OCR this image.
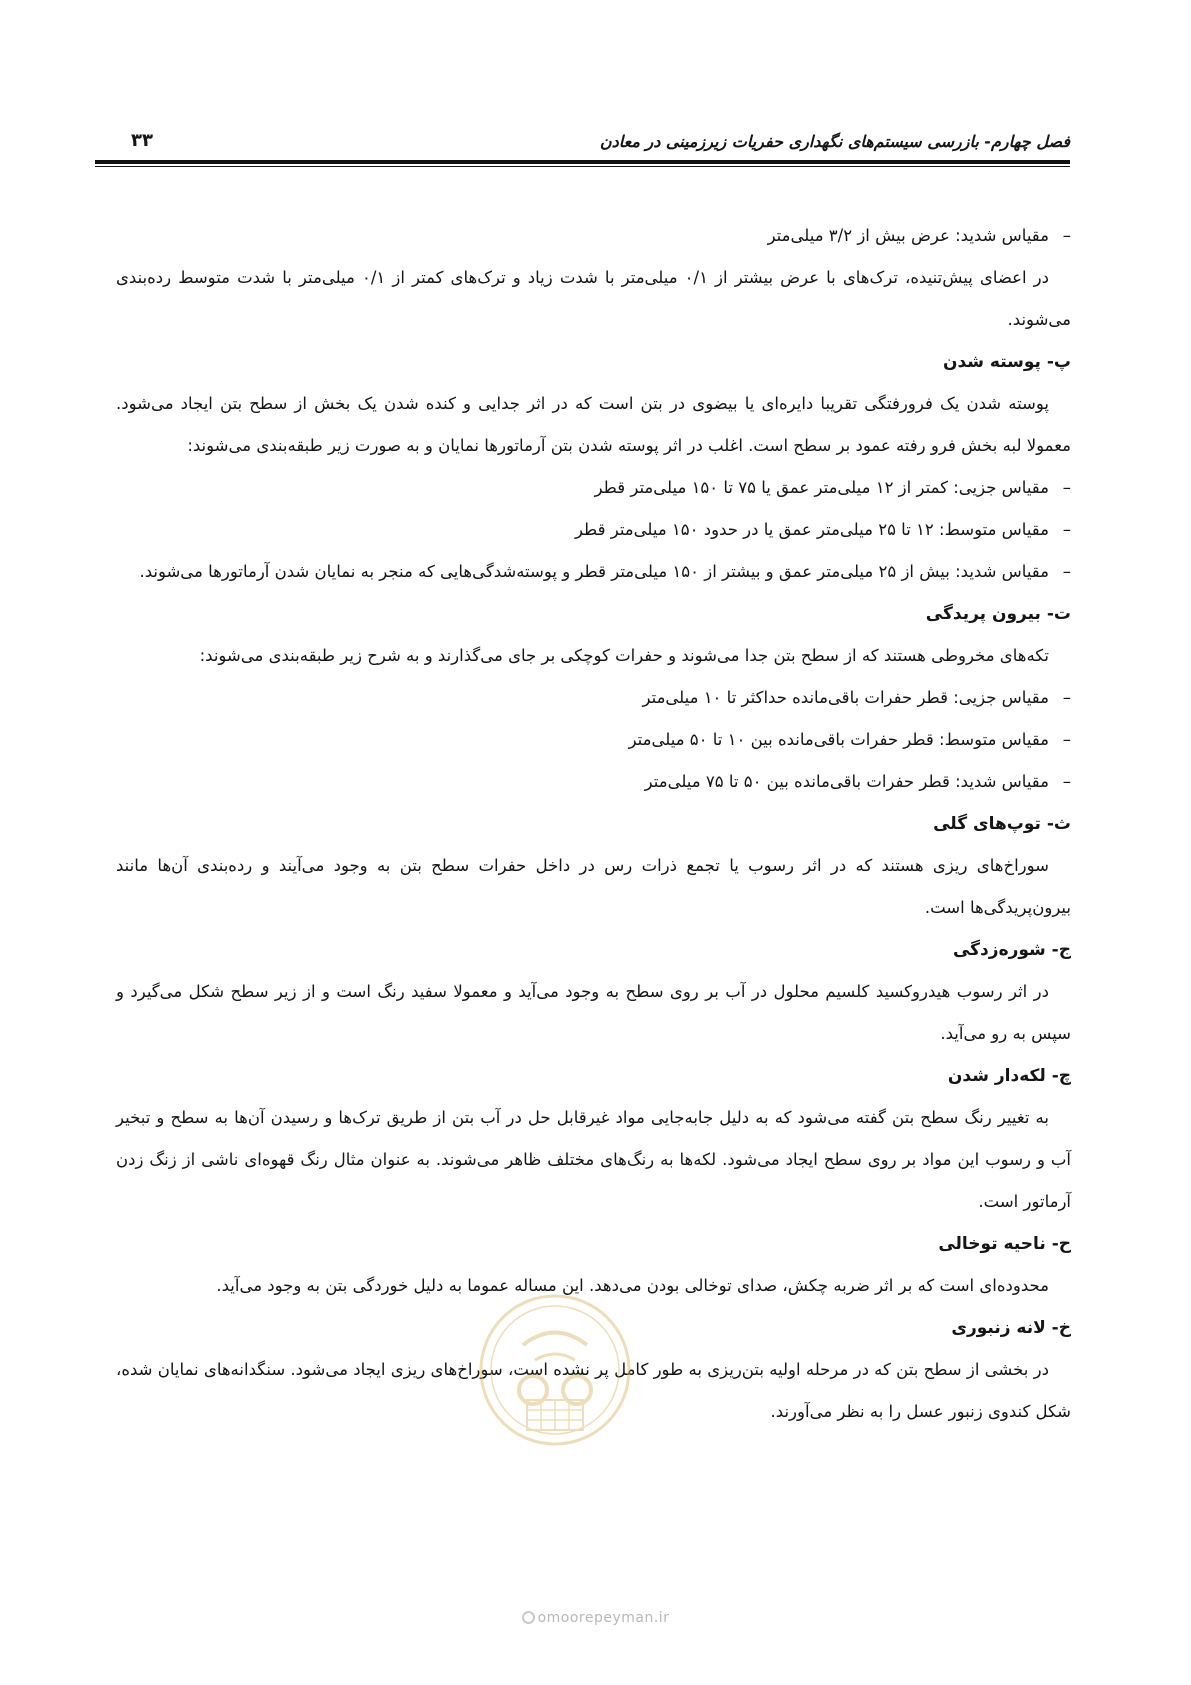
فصل چهارم- بازرسی سیستم‌های نگهداری حفریات زیرزمینی در معادن
۳۳

–
مقیاس شدید: عرض بیش از ۳/۲ میلی‌متر

در اعضای پیش‌تنیده، ترک‌های با عرض بیشتر از ۰/۱ میلی‌متر با شدت زیاد و ترک‌های کمتر از ۰/۱ میلی‌متر با شدت متوسط رده‌بندی می‌شوند.

پ- پوسته شدن

پوسته شدن یک فرورفتگی تقریبا دایره‌ای یا بیضوی در بتن است که در اثر جدایی و کنده شدن یک بخش از سطح بتن ایجاد می‌شود. معمولا لبه بخش فرو رفته عمود بر سطح است. اغلب در اثر پوسته شدن بتن آرماتورها نمایان و به صورت زیر طبقه‌بندی می‌شوند:

–
مقیاس جزیی: کمتر از ۱۲ میلی‌متر عمق یا ۷۵ تا ۱۵۰ میلی‌متر قطر

–
مقیاس متوسط: ۱۲ تا ۲۵ میلی‌متر عمق یا در حدود ۱۵۰ میلی‌متر قطر

–
مقیاس شدید: بیش از ۲۵ میلی‌متر عمق و بیشتر از ۱۵۰ میلی‌متر قطر و پوسته‌شدگی‌هایی که منجر به نمایان شدن آرماتورها می‌شوند.

ت- بیرون پریدگی

تکه‌های مخروطی هستند که از سطح بتن جدا می‌شوند و حفرات کوچکی بر جای می‌گذارند و به شرح زیر طبقه‌بندی می‌شوند:

–
مقیاس جزیی: قطر حفرات باقی‌مانده حداکثر تا ۱۰ میلی‌متر

–
مقیاس متوسط: قطر حفرات باقی‌مانده بین ۱۰ تا ۵۰ میلی‌متر

–
مقیاس شدید: قطر حفرات باقی‌مانده بین ۵۰ تا ۷۵ میلی‌متر

ث- توپ‌های گلی

سوراخ‌های ریزی هستند که در اثر رسوب یا تجمع ذرات رس در داخل حفرات سطح بتن به وجود می‌آیند و رده‌بندی آن‌ها مانند بیرون‌پریدگی‌ها است.

ج- شوره‌زدگی

در اثر رسوب هیدروکسید کلسیم محلول در آب بر روی سطح به وجود می‌آید و معمولا سفید رنگ است و از زیر سطح شکل می‌گیرد و سپس به رو می‌آید.

چ- لکه‌دار شدن

به تغییر رنگ سطح بتن گفته می‌شود که به دلیل جابه‌جایی مواد غیرقابل حل در آب بتن از طریق ترک‌ها و رسیدن آن‌ها به سطح و تبخیر آب و رسوب این مواد بر روی سطح ایجاد می‌شود. لکه‌ها به رنگ‌های مختلف ظاهر می‌شوند. به عنوان مثال رنگ قهوه‌ای ناشی از زنگ زدن آرماتور است.

ح- ناحیه توخالی

محدوده‌ای است که بر اثر ضربه چکش، صدای توخالی بودن می‌دهد. این مساله عموما به دلیل خوردگی بتن به وجود می‌آید.

خ- لانه زنبوری

در بخشی از سطح بتن که در مرحله اولیه بتن‌ریزی به طور کامل پر نشده است، سوراخ‌های ریزی ایجاد می‌شود. سنگدانه‌های نمایان شده، شکل کندوی زنبور عسل را به نظر می‌آورند.

omoorepeyman.ir
